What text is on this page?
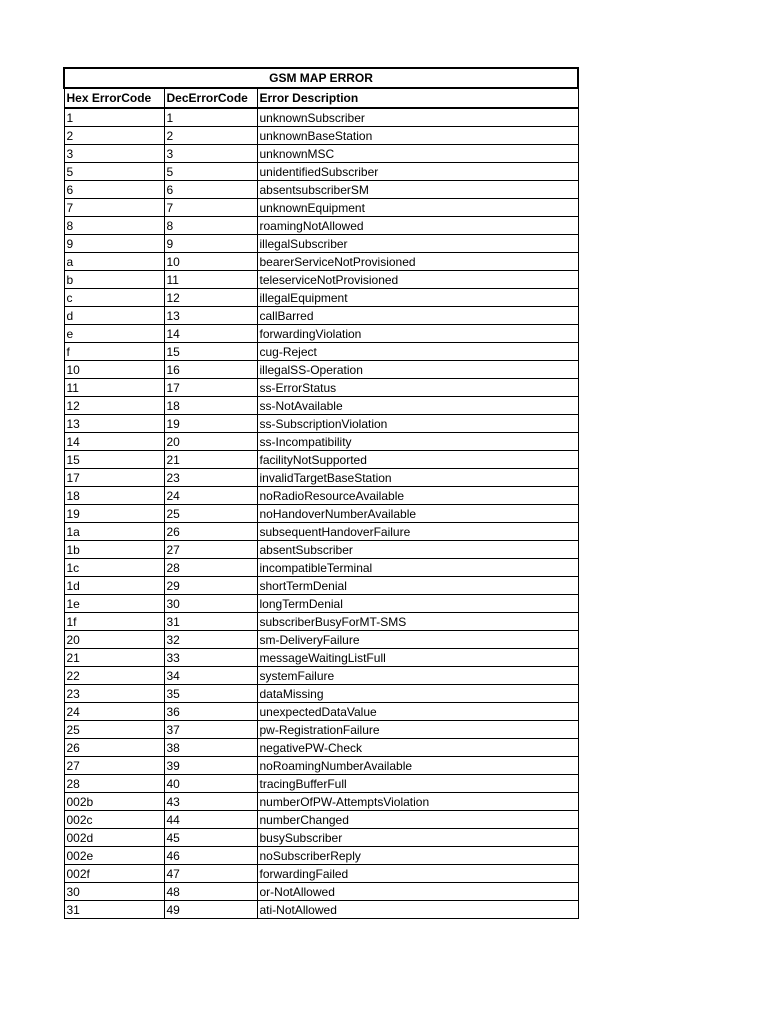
GSM MAP ERROR		
Hex ErrorCode	DecErrorCode	Error Description
1	1	unknownSubscriber
2	2	unknownBaseStation
3	3	unknownMSC
5	5	unidentifiedSubscriber
6	6	absentsubscriberSM
7	7	unknownEquipment
8	8	roamingNotAllowed
9	9	illegalSubscriber
a	10	bearerServiceNotProvisioned
b	11	teleserviceNotProvisioned
c	12	illegalEquipment
d	13	callBarred
e	14	forwardingViolation
f	15	cug-Reject
10	16	illegalSS-Operation
11	17	ss-ErrorStatus
12	18	ss-NotAvailable
13	19	ss-SubscriptionViolation
14	20	ss-Incompatibility
15	21	facilityNotSupported
17	23	invalidTargetBaseStation
18	24	noRadioResourceAvailable
19	25	noHandoverNumberAvailable
1a	26	subsequentHandoverFailure
1b	27	absentSubscriber
1c	28	incompatibleTerminal
1d	29	shortTermDenial
1e	30	longTermDenial
1f	31	subscriberBusyForMT-SMS
20	32	sm-DeliveryFailure
21	33	messageWaitingListFull
22	34	systemFailure
23	35	dataMissing
24	36	unexpectedDataValue
25	37	pw-RegistrationFailure
26	38	negativePW-Check
27	39	noRoamingNumberAvailable
28	40	tracingBufferFull
002b	43	numberOfPW-AttemptsViolation
002c	44	numberChanged
002d	45	busySubscriber
002e	46	noSubscriberReply
002f	47	forwardingFailed
30	48	or-NotAllowed
31	49	ati-NotAllowed
